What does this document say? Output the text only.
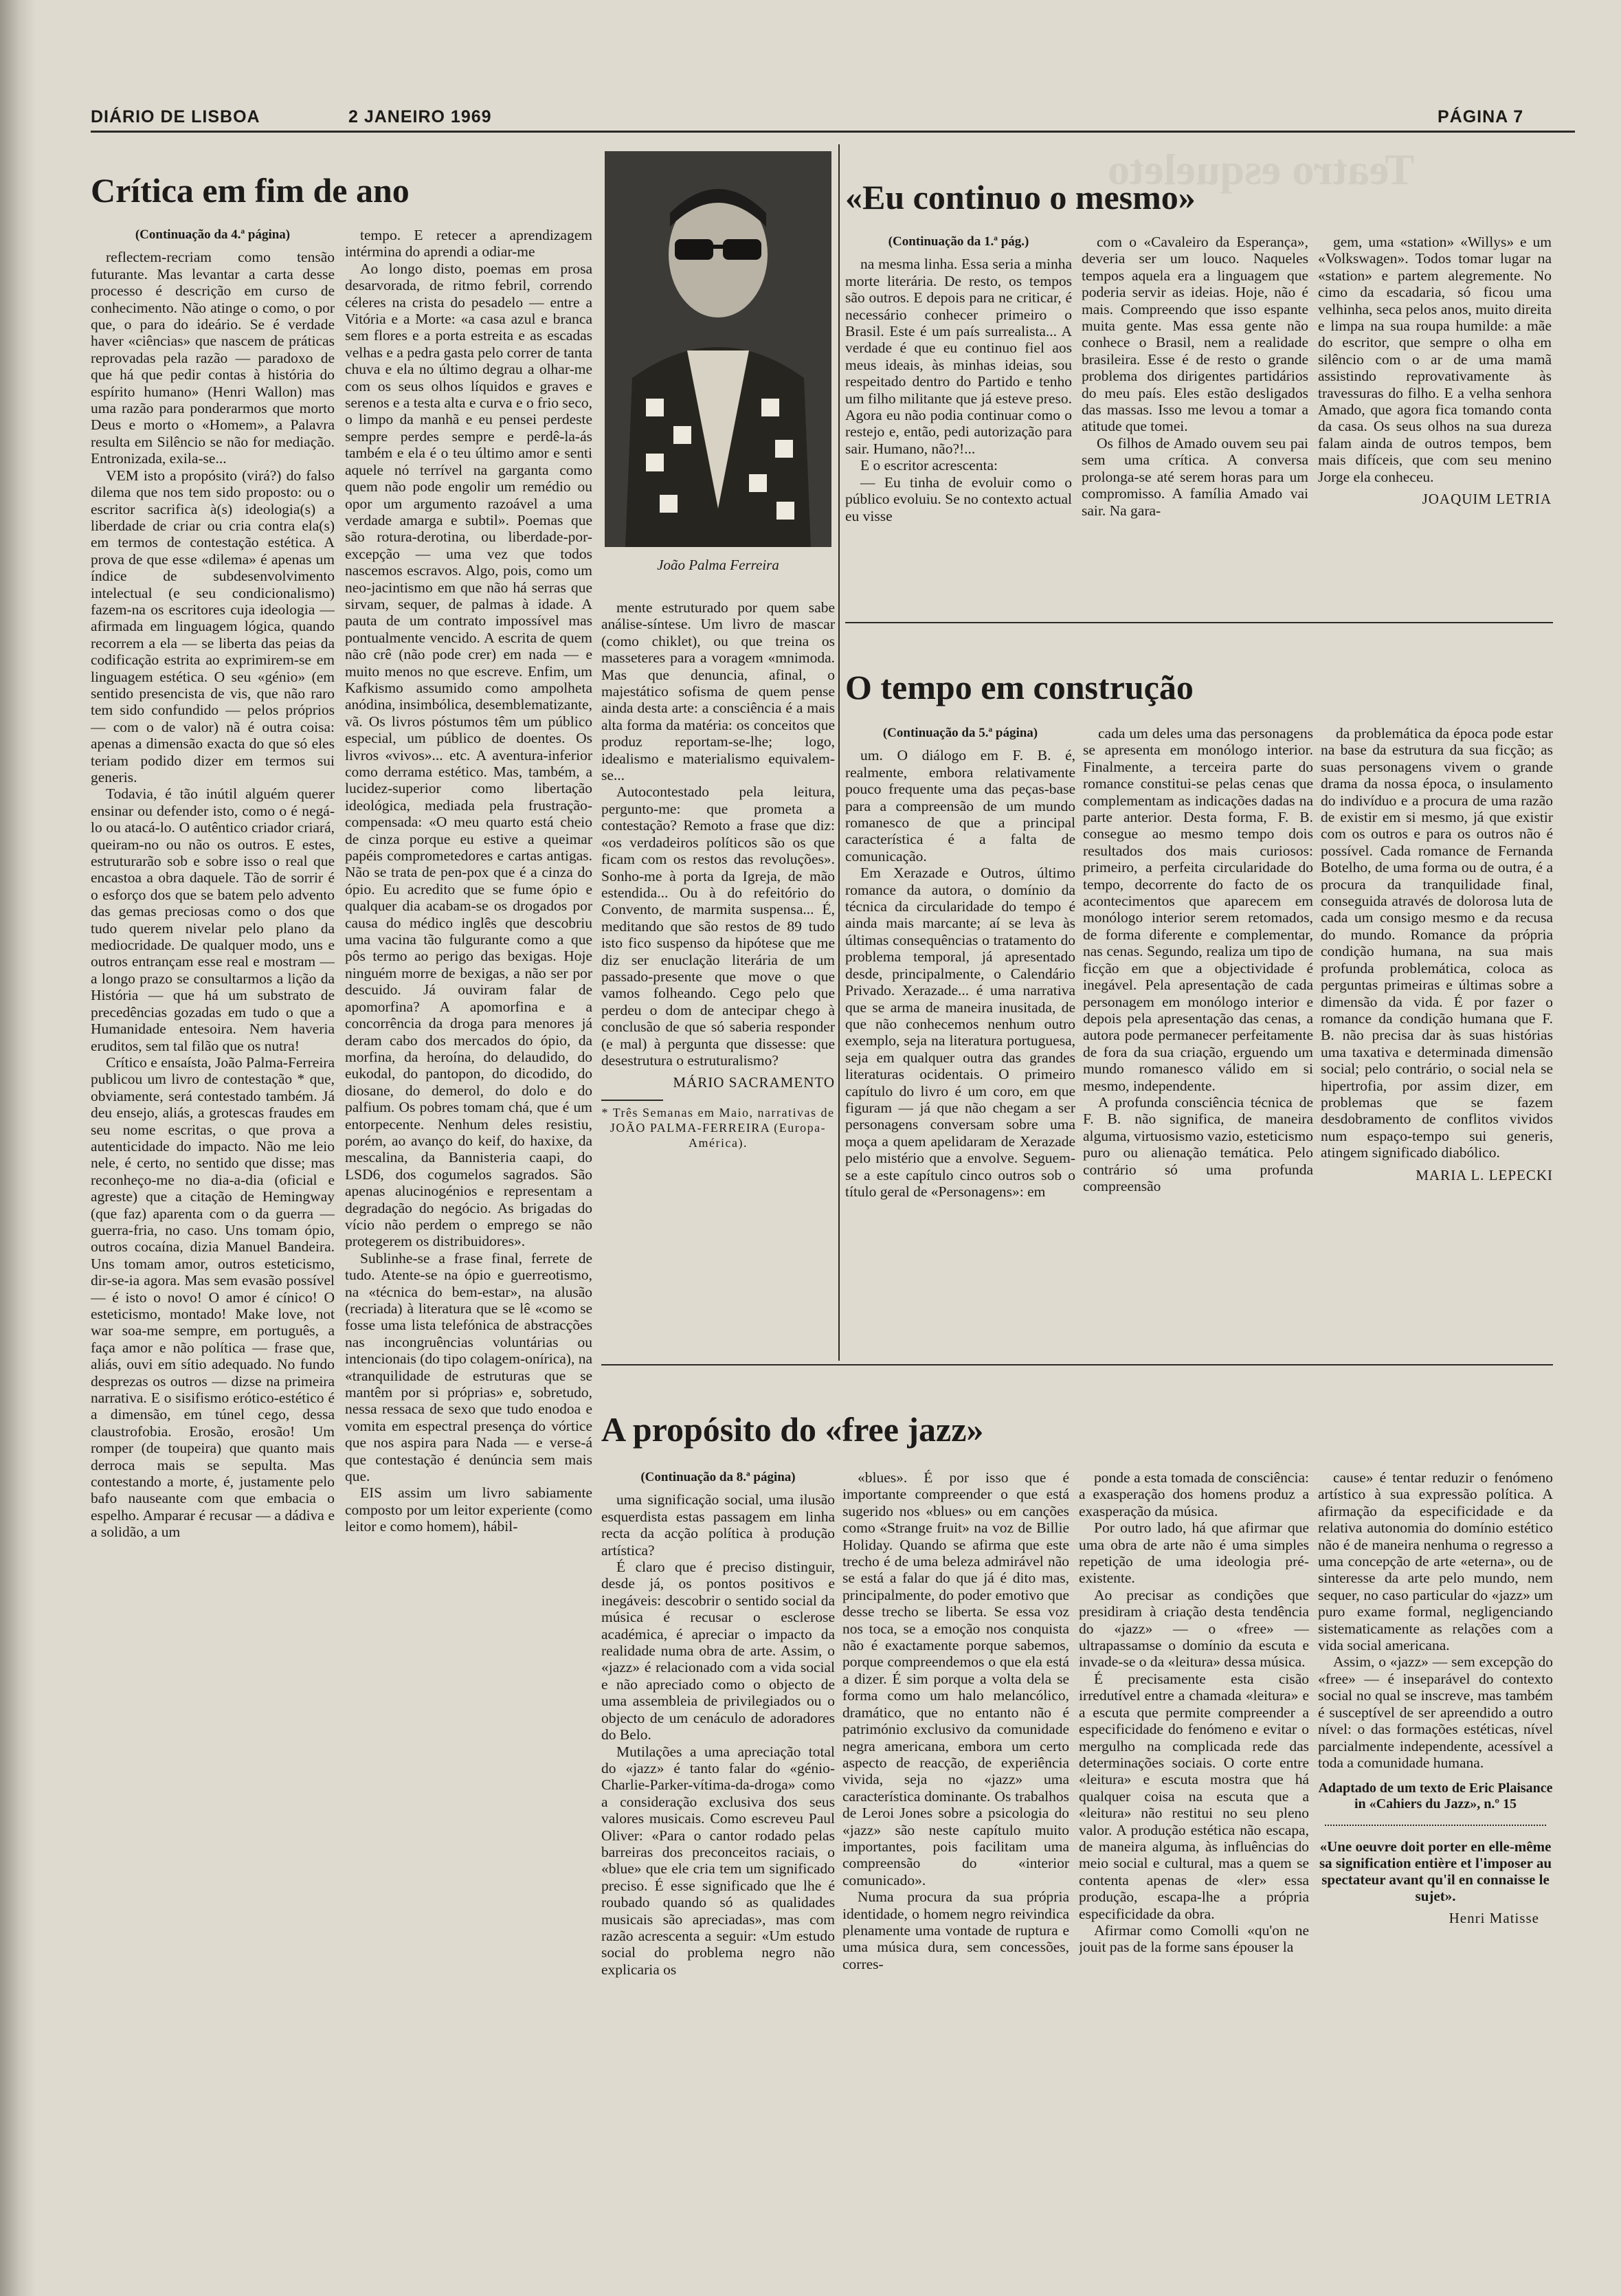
Teatro esqueleto
DIÁRIO DE LISBOA	2 JANEIRO 1969	PÁGINA 7
Crítica em fim de ano
(Continuação da 4.ª página)

reflectem-recriam como tensão futurante. Mas levantar a carta desse processo é descrição em curso de conhecimento. Não atinge o como, o por que, o para do ideário. Se é verdade haver «ciências» que nascem de práticas reprovadas pela razão — paradoxo de que há que pedir contas à história do espírito humano» (Henri Wallon) mas uma razão para ponderarmos que morto Deus e morto o «Homem», a Palavra resulta em Silêncio se não for mediação. Entronizada, exila-se...

VEM isto a propósito (virá?) do falso dilema que nos tem sido proposto: ou o escritor sacrifica à(s) ideologia(s) a liberdade de criar ou cria contra ela(s) em termos de contestação estética. A prova de que esse «dilema» é apenas um índice de subdesenvolvimento intelectual (e seu condicionalismo) fazem-na os escritores cuja ideologia — afirmada em linguagem lógica, quando recorrem a ela — se liberta das peias da codificação estrita ao exprimirem-se em linguagem estética. O seu «génio» (em sentido presencista de vis, que não raro tem sido confundido — pelos próprios — com o de valor) nã é outra coisa: apenas a dimensão exacta do que só eles teriam podido dizer em termos sui generis.

Todavia, é tão inútil alguém querer ensinar ou defender isto, como o é negá-lo ou atacá-lo. O autêntico criador criará, queiram-no ou não os outros. E estes, estruturarão sob e sobre isso o real que encastoa a obra daquele. Tão de sorrir é o esforço dos que se batem pelo advento das gemas preciosas como o dos que tudo querem nivelar pelo plano da mediocridade. De qualquer modo, uns e outros entrançam esse real e mostram — a longo prazo se consultarmos a lição da História — que há um substrato de precedências gozadas em tudo o que a Humanidade entesoira. Nem haveria eruditos, sem tal filão que os nutra!

Crítico e ensaísta, João Palma-Ferreira publicou um livro de contestação * que, obviamente, será contestado também. Já deu ensejo, aliás, a grotescas fraudes em seu nome escritas, o que prova a autenticidade do impacto. Não me leio nele, é certo, no sentido que disse; mas reconheço-me no dia-a-dia (oficial e agreste) que a citação de Hemingway (que faz) aparenta com o da guerra — guerra-fria, no caso. Uns tomam ópio, outros cocaína, dizia Manuel Bandeira. Uns tomam amor, outros esteticismo, dir-se-ia agora. Mas sem evasão possível — é isto o novo! O amor é cínico! O esteticismo, montado! Make love, not war soa-me sempre, em português, a faça amor e não política — frase que, aliás, ouvi em sítio adequado. No fundo desprezas os outros — dizse na primeira narrativa. E o sisifismo erótico-estético é a dimensão, em túnel cego, dessa claustrofobia. Erosão, erosão! Um romper (de toupeira) que quanto mais derroca mais se sepulta. Mas contestando a morte, é, justamente pelo bafo nauseante com que embacia o espelho. Amparar é recusar — a dádiva e a solidão, a um

tempo. E retecer a aprendizagem intérmina do aprendi a odiar-me

Ao longo disto, poemas em prosa desarvorada, de ritmo febril, correndo céleres na crista do pesadelo — entre a Vitória e a Morte: «a casa azul e branca sem flores e a porta estreita e as escadas velhas e a pedra gasta pelo correr de tanta chuva e ela no último degrau a olhar-me com os seus olhos líquidos e graves e serenos e a testa alta e curva e o frio seco, o limpo da manhã e eu pensei perdeste sempre perdes sempre e perdê-la-ás também e ela é o teu último amor e senti aquele nó terrível na garganta como quem não pode engolir um remédio ou opor um argumento razoável a uma verdade amarga e subtil». Poemas que são rotura-derotina, ou liberdade-por-excepção — uma vez que todos nascemos escravos. Algo, pois, como um neo-jacintismo em que não há serras que sirvam, sequer, de palmas à idade. A pauta de um contrato impossível mas pontualmente vencido. A escrita de quem não crê (não pode crer) em nada — e muito menos no que escreve. Enfim, um Kafkismo assumido como ampolheta anódina, insimbólica, desemblematizante, vã. Os livros póstumos têm um público especial, um público de doentes. Os livros «vivos»... etc. A aventura-inferior como derrama estético. Mas, também, a lucidez-superior como libertação ideológica, mediada pela frustração-compensada: «O meu quarto está cheio de cinza porque eu estive a queimar papéis comprometedores e cartas antigas. Não se trata de pen-pox que é a cinza do ópio. Eu acredito que se fume ópio e qualquer dia acabam-se os drogados por causa do médico inglês que descobriu uma vacina tão fulgurante como a que pôs termo ao perigo das bexigas. Hoje ninguém morre de bexigas, a não ser por descuido. Já ouviram falar de apomorfina? A apomorfina e a concorrência da droga para menores já deram cabo dos mercados do ópio, da morfina, da heroína, do delaudido, do eukodal, do pantopon, do dicodido, do diosane, do demerol, do dolo e do palfium. Os pobres tomam chá, que é um entorpecente. Nenhum deles resistiu, porém, ao avanço do keif, do haxixe, da mescalina, da Bannisteria caapi, do LSD6, dos cogumelos sagrados. São apenas alucinogénios e representam a degradação do negócio. As brigadas do vício não perdem o emprego se não protegerem os distribuidores».

Sublinhe-se a frase final, ferrete de tudo. Atente-se na ópio e guerreotismo, na «técnica do bem-estar», na alusão (recriada) à literatura que se lê «como se fosse uma lista telefónica de abstracções nas incongruências voluntárias ou intencionais (do tipo colagem-onírica), na «tranquilidade de estruturas que se mantêm por si próprias» e, sobretudo, nessa ressaca de sexo que tudo enodoa e vomita em espectral presença do vórtice que nos aspira para Nada — e verse-á que contestação é denúncia sem mais que.

EIS assim um livro sabiamente composto por um leitor experiente (como leitor e como homem), hábil-

João Palma Ferreira

mente estruturado por quem sabe análise-síntese. Um livro de mascar (como chiklet), ou que treina os masseteres para a voragem «mnimoda. Mas que denuncia, afinal, o majestático sofisma de quem pense ainda desta arte: a consciência é a mais alta forma da matéria: os conceitos que produz reportam-se-lhe; logo, idealismo e materialismo equivalem-se...

Autocontestado pela leitura, pergunto-me: que prometa a contestação? Remoto a frase que diz: «os verdadeiros políticos são os que ficam com os restos das revoluções». Sonho-me à porta da Igreja, de mão estendida... Ou à do refeitório do Convento, de marmita suspensa... É, meditando que são restos de 89 tudo isto fico suspenso da hipótese que me diz ser enuclação literária de um passado-presente que move o que vamos folheando. Cego pelo que perdeu o dom de antecipar chego à conclusão de que só saberia responder (e mal) à pergunta que dissesse: que desestrutura o estruturalismo?

MÁRIO SACRAMENTO
* Três Semanas em Maio, narrativas de JOÃO PALMA-FERREIRA (Europa-América).
«Eu continuo o mesmo»
(Continuação da 1.ª pág.)

na mesma linha. Essa seria a minha morte literária. De resto, os tempos são outros. E depois para ne criticar, é necessário conhecer primeiro o Brasil. Este é um país surrealista... A verdade é que eu continuo fiel aos meus ideais, às minhas ideias, sou respeitado dentro do Partido e tenho um filho militante que já esteve preso. Agora eu não podia continuar como o restejo e, então, pedi autorização para sair. Humano, não?!...

E o escritor acrescenta:

— Eu tinha de evoluir como o público evoluiu. Se no contexto actual eu visse

com o «Cavaleiro da Esperança», deveria ser um louco. Naqueles tempos aquela era a linguagem que poderia servir as ideias. Hoje, não é mais. Compreendo que isso espante muita gente. Mas essa gente não conhece o Brasil, nem a realidade brasileira. Esse é de resto o grande problema dos dirigentes partidários do meu país. Eles estão desligados das massas. Isso me levou a tomar a atitude que tomei.

Os filhos de Amado ouvem seu pai sem uma crítica. A conversa prolonga-se até serem horas para um compromisso. A família Amado vai sair. Na gara-

gem, uma «station» «Willys» e um «Volkswagen». Todos tomar lugar na «station» e partem alegremente. No cimo da escadaria, só ficou uma velhinha, seca pelos anos, muito direita e limpa na sua roupa humilde: a mãe do escritor, que sempre o olha em silêncio com o ar de uma mamã assistindo reprovativamente às travessuras do filho. E a velha senhora Amado, que agora fica tomando conta da casa. Os seus olhos na sua dureza falam ainda de outros tempos, bem mais difíceis, que com seu menino Jorge ela conheceu.

JOAQUIM LETRIA
O tempo em construção
(Continuação da 5.ª página)

um. O diálogo em F. B. é, realmente, embora relativamente pouco frequente uma das peças-base para a compreensão de um mundo romanesco de que a principal característica é a falta de comunicação.

Em Xerazade e Outros, último romance da autora, o domínio da técnica da circularidade do tempo é ainda mais marcante; aí se leva às últimas consequências o tratamento do problema temporal, já apresentado desde, principalmente, o Calendário Privado. Xerazade... é uma narrativa que se arma de maneira inusitada, de que não conhecemos nenhum outro exemplo, seja na literatura portuguesa, seja em qualquer outra das grandes literaturas ocidentais. O primeiro capítulo do livro é um coro, em que figuram — já que não chegam a ser personagens conversam sobre uma moça a quem apelidaram de Xerazade pelo mistério que a envolve. Seguem-se a este capítulo cinco outros sob o título geral de «Personagens»: em

cada um deles uma das personagens se apresenta em monólogo interior. Finalmente, a terceira parte do romance constitui-se pelas cenas que complementam as indicações dadas na parte anterior. Desta forma, F. B. consegue ao mesmo tempo dois resultados dos mais curiosos: primeiro, a perfeita circularidade do tempo, decorrente do facto de os acontecimentos que aparecem em monólogo interior serem retomados, de forma diferente e complementar, nas cenas. Segundo, realiza um tipo de ficção em que a objectividade é inegável. Pela apresentação de cada personagem em monólogo interior e depois pela apresentação das cenas, a autora pode permanecer perfeitamente de fora da sua criação, erguendo um mundo romanesco válido em si mesmo, independente.

A profunda consciência técnica de F. B. não significa, de maneira alguma, virtuosismo vazio, esteticismo puro ou alienação temática. Pelo contrário só uma profunda compreensão

da problemática da época pode estar na base da estrutura da sua ficção; as suas personagens vivem o grande drama da nossa época, o insulamento do indivíduo e a procura de uma razão de existir em si mesmo, já que existir com os outros e para os outros não é possível. Cada romance de Fernanda Botelho, de uma forma ou de outra, é a procura da tranquilidade final, conseguida através de dolorosa luta de cada um consigo mesmo e da recusa do mundo. Romance da própria condição humana, na sua mais profunda problemática, coloca as perguntas primeiras e últimas sobre a dimensão da vida. É por fazer o romance da condição humana que F. B. não precisa dar às suas histórias uma taxativa e determinada dimensão social; pelo contrário, o social nela se hipertrofia, por assim dizer, em problemas que se fazem desdobramento de conflitos vividos num espaço-tempo sui generis, atingem significado diabólico.

MARIA L. LEPECKI
A propósito do «free jazz»
(Continuação da 8.ª página)

uma significação social, uma ilusão esquerdista estas passagem em linha recta da acção política à produção artística?

É claro que é preciso distinguir, desde já, os pontos positivos e inegáveis: descobrir o sentido social da música é recusar o esclerose académica, é apreciar o impacto da realidade numa obra de arte. Assim, o «jazz» é relacionado com a vida social e não apreciado como o objecto de uma assembleia de privilegiados ou o objecto de um cenáculo de adoradores do Belo.

Mutilações a uma apreciação total do «jazz» é tanto falar do «génio-Charlie-Parker-vítima-da-droga» como a consideração exclusiva dos seus valores musicais. Como escreveu Paul Oliver: «Para o cantor rodado pelas barreiras dos preconceitos raciais, o «blue» que ele cria tem um significado preciso. É esse significado que lhe é roubado quando só as qualidades musicais são apreciadas», mas com razão acrescenta a seguir: «Um estudo social do problema negro não explicaria os

«blues». É por isso que é importante compreender o que está sugerido nos «blues» ou em canções como «Strange fruit» na voz de Billie Holiday. Quando se afirma que este trecho é de uma beleza admirável não se está a falar do que já é dito mas, principalmente, do poder emotivo que desse trecho se liberta. Se essa voz nos toca, se a emoção nos conquista não é exactamente porque sabemos, porque compreendemos o que ela está a dizer. É sim porque a volta dela se forma como um halo melancólico, dramático, que no entanto não é património exclusivo da comunidade negra americana, embora um certo aspecto de reacção, de experiência vivida, seja no «jazz» uma característica dominante. Os trabalhos de Leroi Jones sobre a psicologia do «jazz» são neste capítulo muito importantes, pois facilitam uma compreensão do «interior comunicado».

Numa procura da sua própria identidade, o homem negro reivindica plenamente uma vontade de ruptura e uma música dura, sem concessões, corres-

ponde a esta tomada de consciência: a exasperação dos homens produz a exasperação da música.

Por outro lado, há que afirmar que uma obra de arte não é uma simples repetição de uma ideologia pré-existente.

Ao precisar as condições que presidiram à criação desta tendência do «jazz» — o «free» — ultrapassamse o domínio da escuta e invade-se o da «leitura» dessa música.

É precisamente esta cisão irredutível entre a chamada «leitura» e a escuta que permite compreender a especificidade do fenómeno e evitar o mergulho na complicada rede das determinações sociais. O corte entre «leitura» e escuta mostra que há qualquer coisa na escuta que a «leitura» não restitui no seu pleno valor. A produção estética não escapa, de maneira alguma, às influências do meio social e cultural, mas a quem se contenta apenas de «ler» essa produção, escapa-lhe a própria especificidade da obra.

Afirmar como Comolli «qu'on ne jouit pas de la forme sans épouser la

cause» é tentar reduzir o fenómeno artístico à sua expressão política. A afirmação da especificidade e da relativa autonomia do domínio estético não é de maneira nenhuma o regresso a uma concepção de arte «eterna», ou de sinteresse da arte pelo mundo, nem sequer, no caso particular do «jazz» um puro exame formal, negligenciando sistematicamente as relações com a vida social americana.

Assim, o «jazz» — sem excepção do «free» — é inseparável do contexto social no qual se inscreve, mas também é susceptível de ser apreendido a outro nível: o das formações estéticas, nível parcialmente independente, acessível a toda a comunidade humana.

Adaptado de um texto de Eric Plaisance in «Cahiers du Jazz», n.º 15
«Une oeuvre doit porter en elle-même sa signification entière et l'imposer au spectateur avant qu'il en connaisse le sujet».
Henri Matisse
